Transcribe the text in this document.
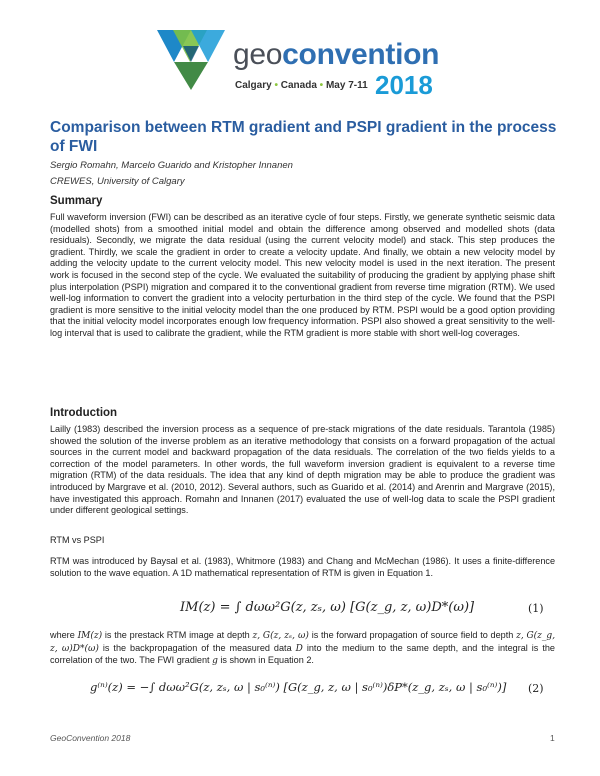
geoconvention
Calgary • Canada • May 7-11 2018
Comparison between RTM gradient and PSPI gradient in the process of FWI
Sergio Romahn, Marcelo Guarido and Kristopher Innanen
CREWES, University of Calgary
Summary
Full waveform inversion (FWI) can be described as an iterative cycle of four steps. Firstly, we generate synthetic seismic data (modelled shots) from a smoothed initial model and obtain the difference among observed and modelled shots (data residuals). Secondly, we migrate the data residual (using the current velocity model) and stack. This step produces the gradient. Thirdly, we scale the gradient in order to create a velocity update. And finally, we obtain a new velocity model by adding the velocity update to the current velocity model. This new velocity model is used in the next iteration. The present work is focused in the second step of the cycle. We evaluated the suitability of producing the gradient by applying phase shift plus interpolation (PSPI) migration and compared it to the conventional gradient from reverse time migration (RTM). We used well-log information to convert the gradient into a velocity perturbation in the third step of the cycle. We found that the PSPI gradient is more sensitive to the initial velocity model than the one produced by RTM. PSPI would be a good option providing that the initial velocity model incorporates enough low frequency information. PSPI also showed a great sensitivity to the well-log interval that is used to calibrate the gradient, while the RTM gradient is more stable with short well-log coverages.
Introduction
Lailly (1983) described the inversion process as a sequence of pre-stack migrations of the date residuals. Tarantola (1985) showed the solution of the inverse problem as an iterative methodology that consists on a forward propagation of the actual sources in the current model and backward propagation of the data residuals. The correlation of the two fields yields to a correction of the model parameters. In other words, the full waveform inversion gradient is equivalent to a reverse time migration (RTM) of the data residuals. The idea that any kind of depth migration may be able to produce the gradient was introduced by Margrave et al. (2010, 2012). Several authors, such as Guarido et al. (2014) and Arenrin and Margrave (2015), have investigated this approach. Romahn and Innanen (2017) evaluated the use of well-log data to scale the PSPI gradient under different geological settings.
RTM vs PSPI
RTM was introduced by Baysal et al. (1983), Whitmore (1983) and Chang and McMechan (1986). It uses a finite-difference solution to the wave equation. A 1D mathematical representation of RTM is given in Equation 1.
IM(z) = ∫ dωω²G(z, zₛ, ω) [G(z_g, z, ω)D*(ω)]	(1)
where IM(z) is the prestack RTM image at depth z, G(z, zₛ, ω) is the forward propagation of source field to depth z, G(z_g, z, ω)D*(ω) is the backpropagation of the measured data D into the medium to the same depth, and the integral is the correlation of the two. The FWI gradient g is shown in Equation 2.
g⁽ⁿ⁾(z) = −∫ dωω²G(z, zₛ, ω | s₀⁽ⁿ⁾) [G(z_g, z, ω | s₀⁽ⁿ⁾)δP*(z_g, zₛ, ω | s₀⁽ⁿ⁾)] (2)
GeoConvention 2018	1
